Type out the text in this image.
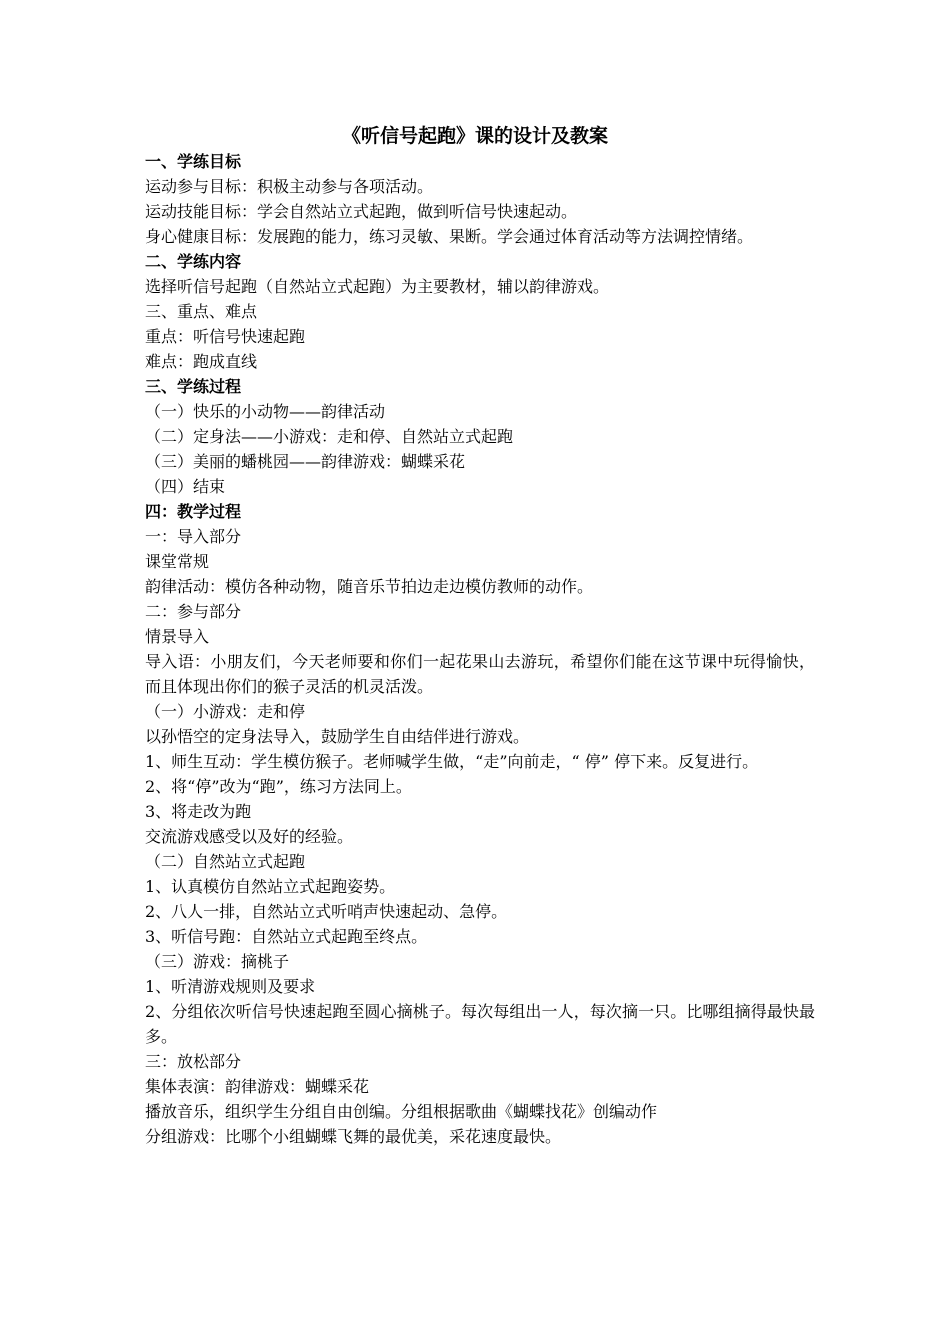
《听信号起跑》课的设计及教案

一、学练目标

运动参与目标：积极主动参与各项活动。

运动技能目标：学会自然站立式起跑，做到听信号快速起动。

身心健康目标：发展跑的能力，练习灵敏、果断。学会通过体育活动等方法调控情绪。

二、学练内容

选择听信号起跑（自然站立式起跑）为主要教材，辅以韵律游戏。

三、重点、难点

重点：听信号快速起跑

难点：跑成直线

三、学练过程

（一）快乐的小动物——韵律活动

（二）定身法——小游戏：走和停、自然站立式起跑

（三）美丽的蟠桃园——韵律游戏：蝴蝶采花

（四）结束

四：教学过程

一：导入部分

课堂常规

韵律活动：模仿各种动物，随音乐节拍边走边模仿教师的动作。

二：参与部分

情景导入

导入语：小朋友们，今天老师要和你们一起花果山去游玩，希望你们能在这节课中玩得愉快，而且体现出你们的猴子灵活的机灵活泼。

（一）小游戏：走和停

以孙悟空的定身法导入，鼓励学生自由结伴进行游戏。

1、师生互动：学生模仿猴子。老师喊学生做，“走”向前走，“ 停” 停下来。反复进行。

2、将“停”改为“跑”，练习方法同上。

3、将走改为跑

交流游戏感受以及好的经验。

（二）自然站立式起跑

1、认真模仿自然站立式起跑姿势。

2、八人一排，自然站立式听哨声快速起动、急停。

3、听信号跑：自然站立式起跑至终点。

（三）游戏：摘桃子

1、听清游戏规则及要求

2、分组依次听信号快速起跑至圆心摘桃子。每次每组出一人，每次摘一只。比哪组摘得最快最多。

三：放松部分

集体表演：韵律游戏：蝴蝶采花

播放音乐，组织学生分组自由创编。分组根据歌曲《蝴蝶找花》创编动作

分组游戏：比哪个小组蝴蝶飞舞的最优美，采花速度最快。
